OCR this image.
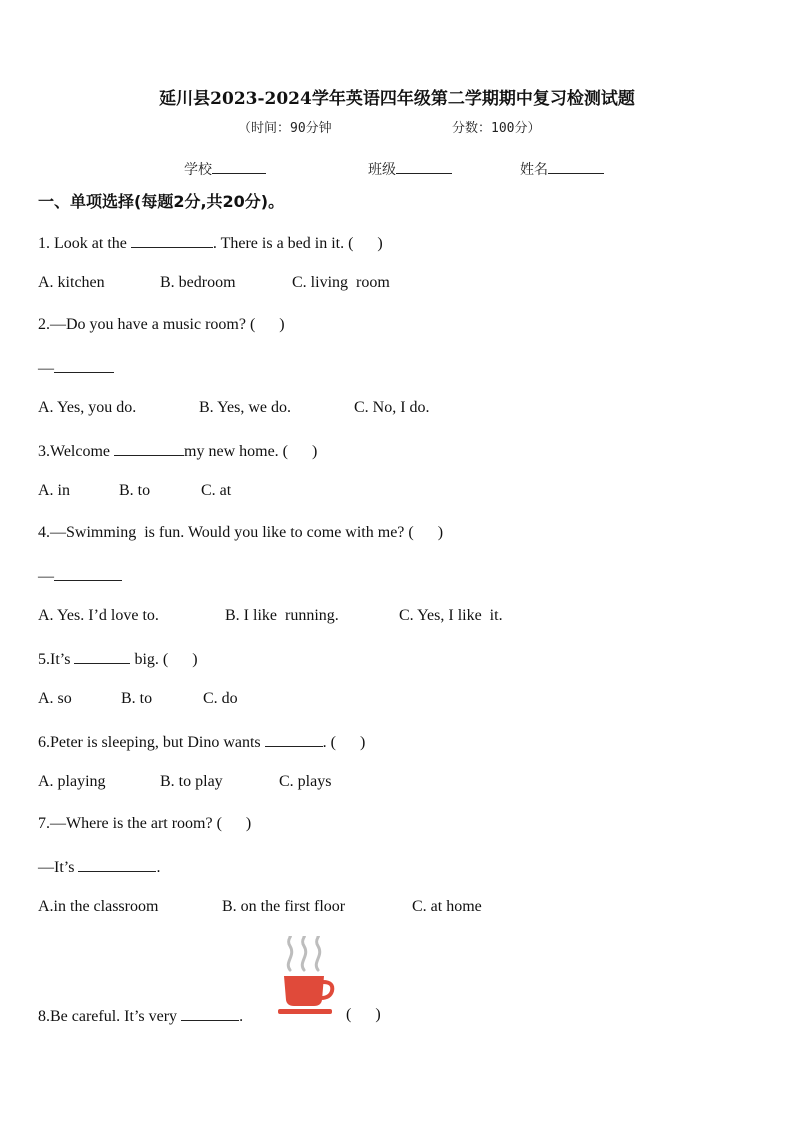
延川县2023-2024学年英语四年级第二学期期中复习检测试题
（时间：90分钟	分数：100分）
学校	班级	姓名
一、单项选择(每题2分,共20分)。
1. Look at the	. There is a bed in it. (      )
A. kitchen	B. bedroom	C. living  room
2.—Do you have a music room? (      )
—
A. Yes, you do.	B. Yes, we do.	C. No, I do.
3.Welcome	my new home. (      )
A. in	B. to	C. at
4.—Swimming  is fun. Would you like to come with me? (      )
—
A. Yes. I’d love to.	B. I like  running.	C. Yes, I like  it.
5.It’s	big. (      )
A. so	B. to	C. do
6.Peter is sleeping, but Dino wants	. (      )
A. playing	B. to play	C. plays
7.—Where is the art room? (      )
—It’s	.
A.in the classroom	B. on the first floor	C. at home
8.Be careful. It’s very	.	(      )
